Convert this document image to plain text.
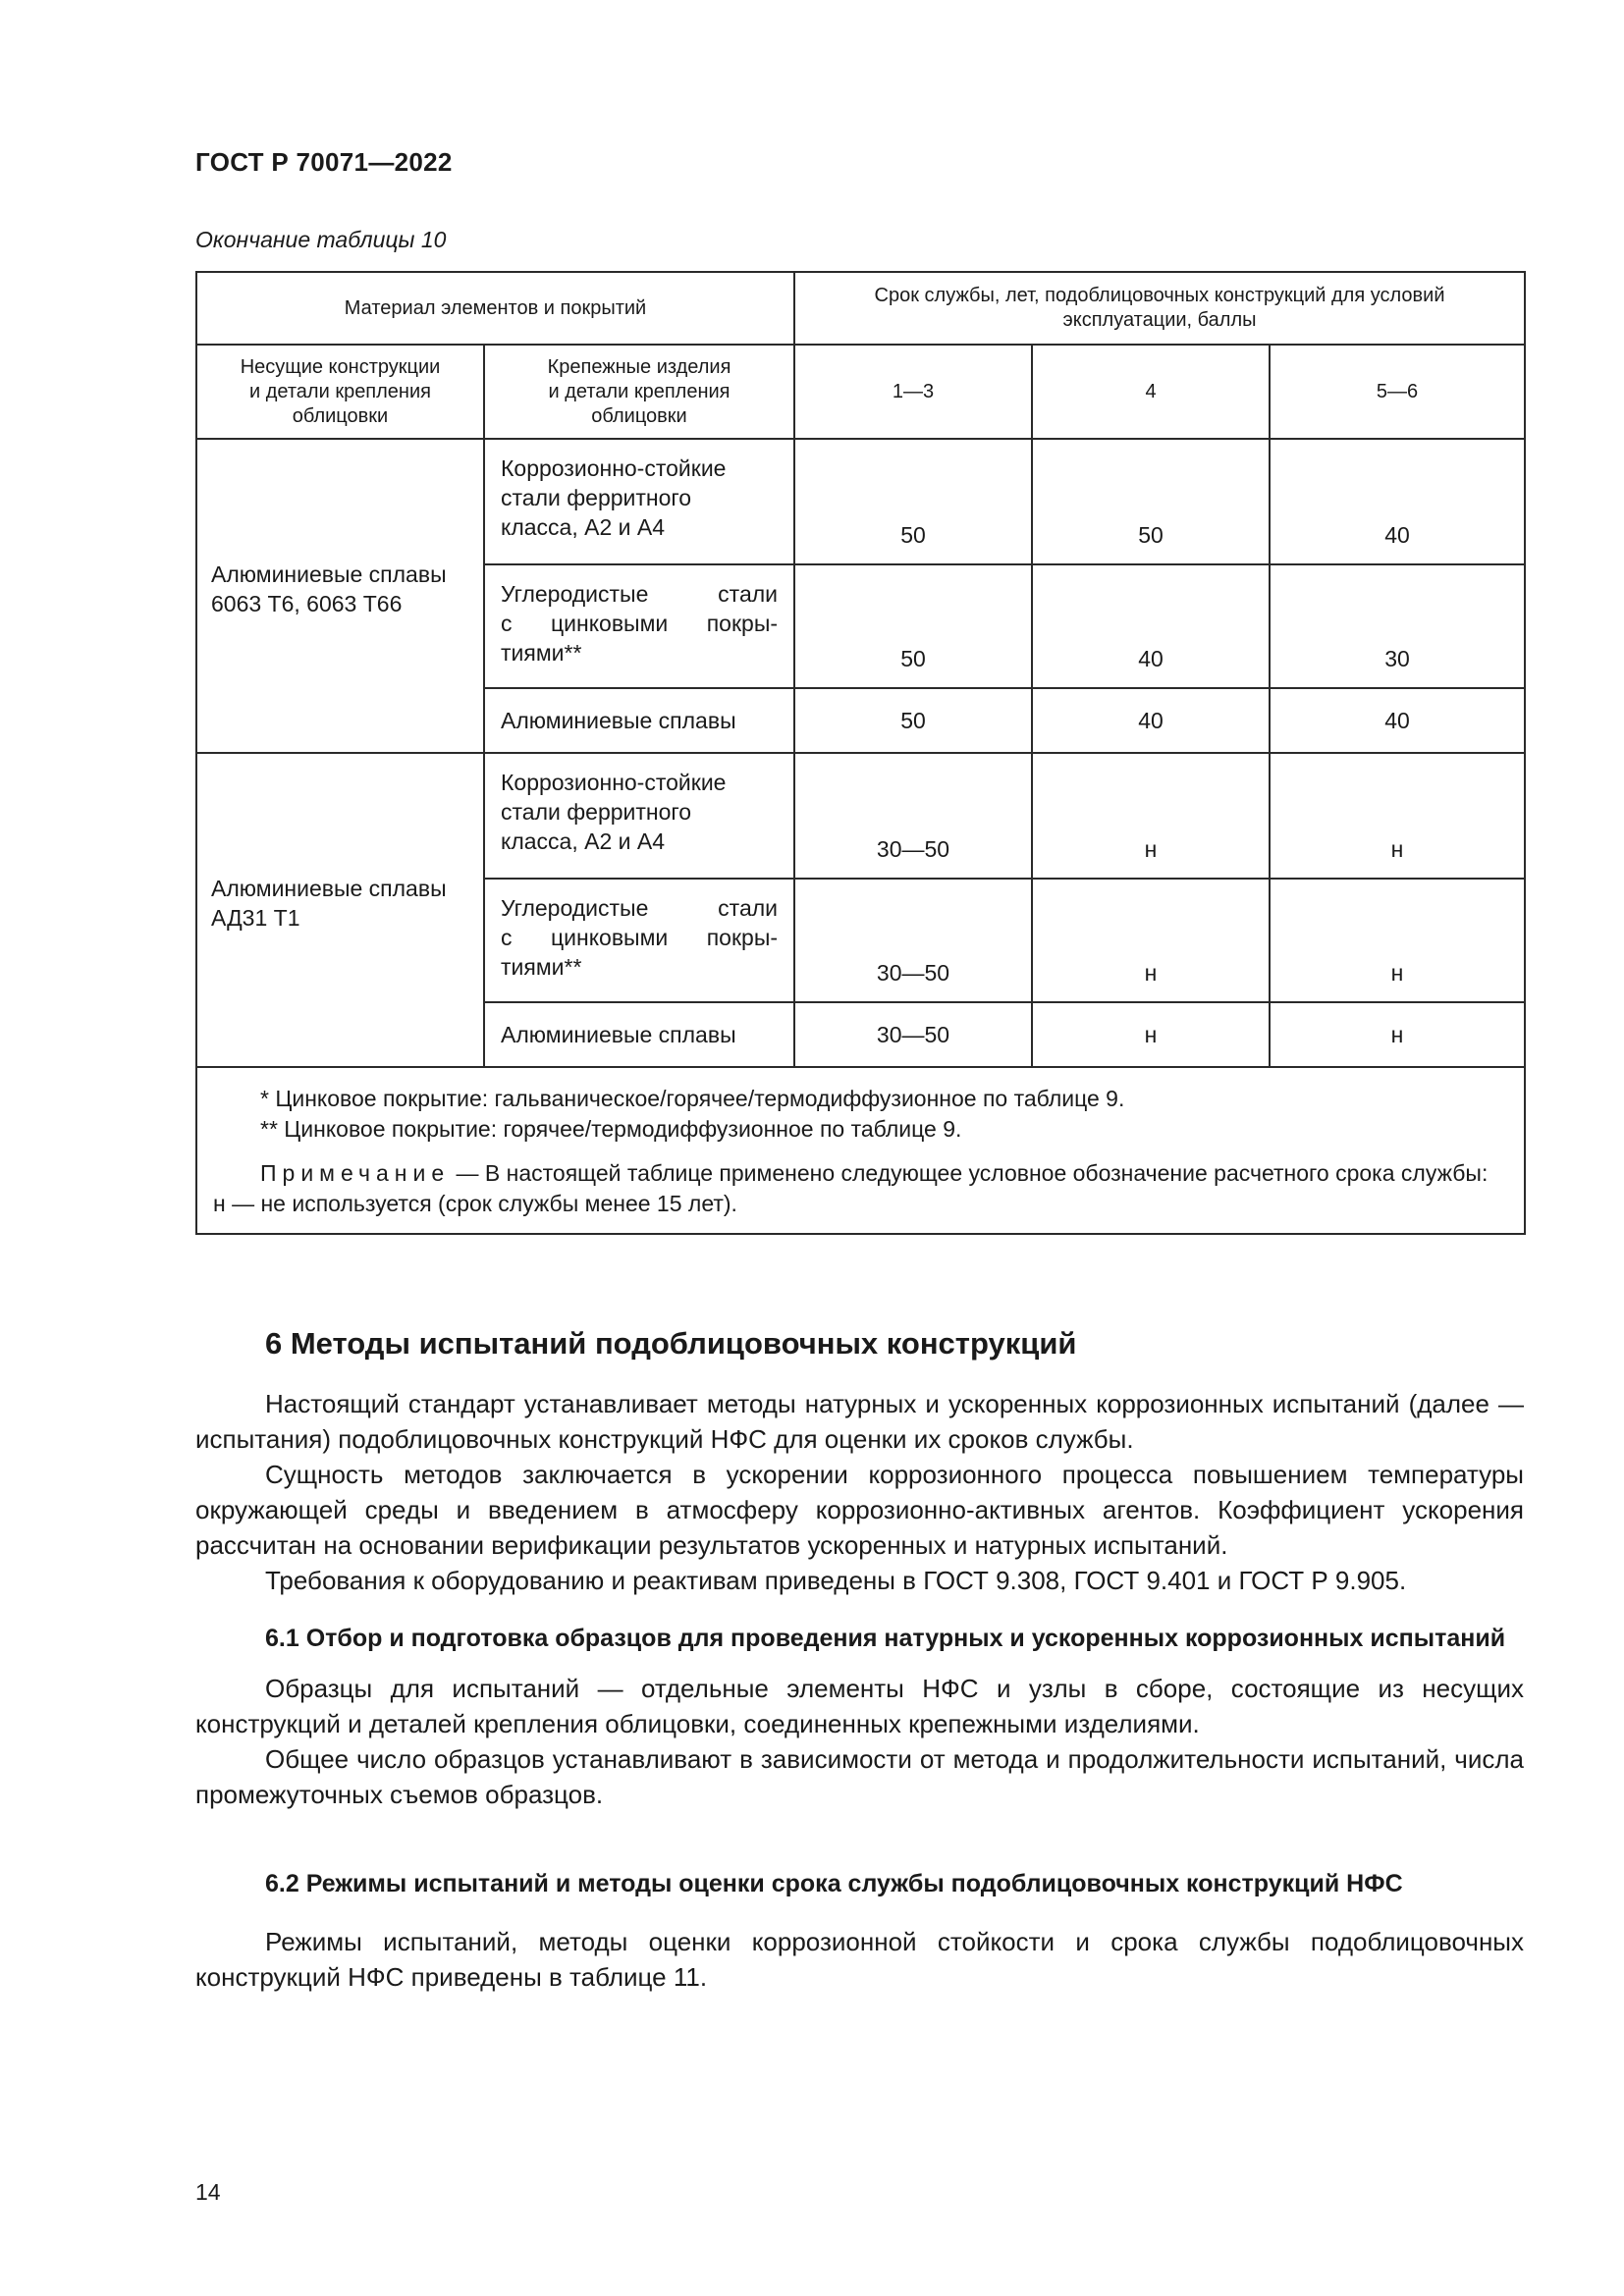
ГОСТ Р 70071—2022
Окончание таблицы 10
Материал элементов и покрытий		Срок службы, лет, подоблицовочных конструкций для условий
эксплуатации, баллы		

Несущие конструкции
и детали крепления
облицовки	Крепежные изделия
и детали крепления
облицовки	1—3	4	5—6

Алюминиевые сплавы
6063 Т6, 6063 Т66	Коррозионно-стойкие
стали ферритного
класса, А2 и А4	50	50	40

	Углеродистые стали
с цинковыми покры-
тиями**	50	40	30
	Алюминиевые сплавы	50	40	40

Алюминиевые сплавы
АД31 Т1	Коррозионно-стойкие
стали ферритного
класса, А2 и А4	30—50	н	н

	Углеродистые стали
с цинковыми покры-
тиями**	30—50	н	н
	Алюминиевые сплавы	30—50	н	н

* Цинковое покрытие: гальваническое/горячее/термодиффузионное по таблице 9.
** Цинковое покрытие: горячее/термодиффузионное по таблице 9.
Примечание — В настоящей таблице применено следующее условное обозначение расчетного срока службы:
н — не используется (срок службы менее 15 лет).				
6 Методы испытаний подоблицовочных конструкций

Настоящий стандарт устанавливает методы натурных и ускоренных коррозионных испытаний (далее — испытания) подоблицовочных конструкций НФС для оценки их сроков службы.

Сущность методов заключается в ускорении коррозионного процесса повышением температуры окружающей среды и введением в атмосферу коррозионно-активных агентов. Коэффициент ускорения рассчитан на основании верификации результатов ускоренных и натурных испытаний.

Требования к оборудованию и реактивам приведены в ГОСТ 9.308, ГОСТ 9.401 и ГОСТ Р 9.905.

6.1 Отбор и подготовка образцов для проведения натурных и ускоренных коррозионных испытаний

Образцы для испытаний — отдельные элементы НФС и узлы в сборе, состоящие из несущих конструкций и деталей крепления облицовки, соединенных крепежными изделиями.

Общее число образцов устанавливают в зависимости от метода и продолжительности испытаний, числа промежуточных съемов образцов.

6.2 Режимы испытаний и методы оценки срока службы подоблицовочных конструкций НФС

Режимы испытаний, методы оценки коррозионной стойкости и срока службы подоблицовочных конструкций НФС приведены в таблице 11.

14
